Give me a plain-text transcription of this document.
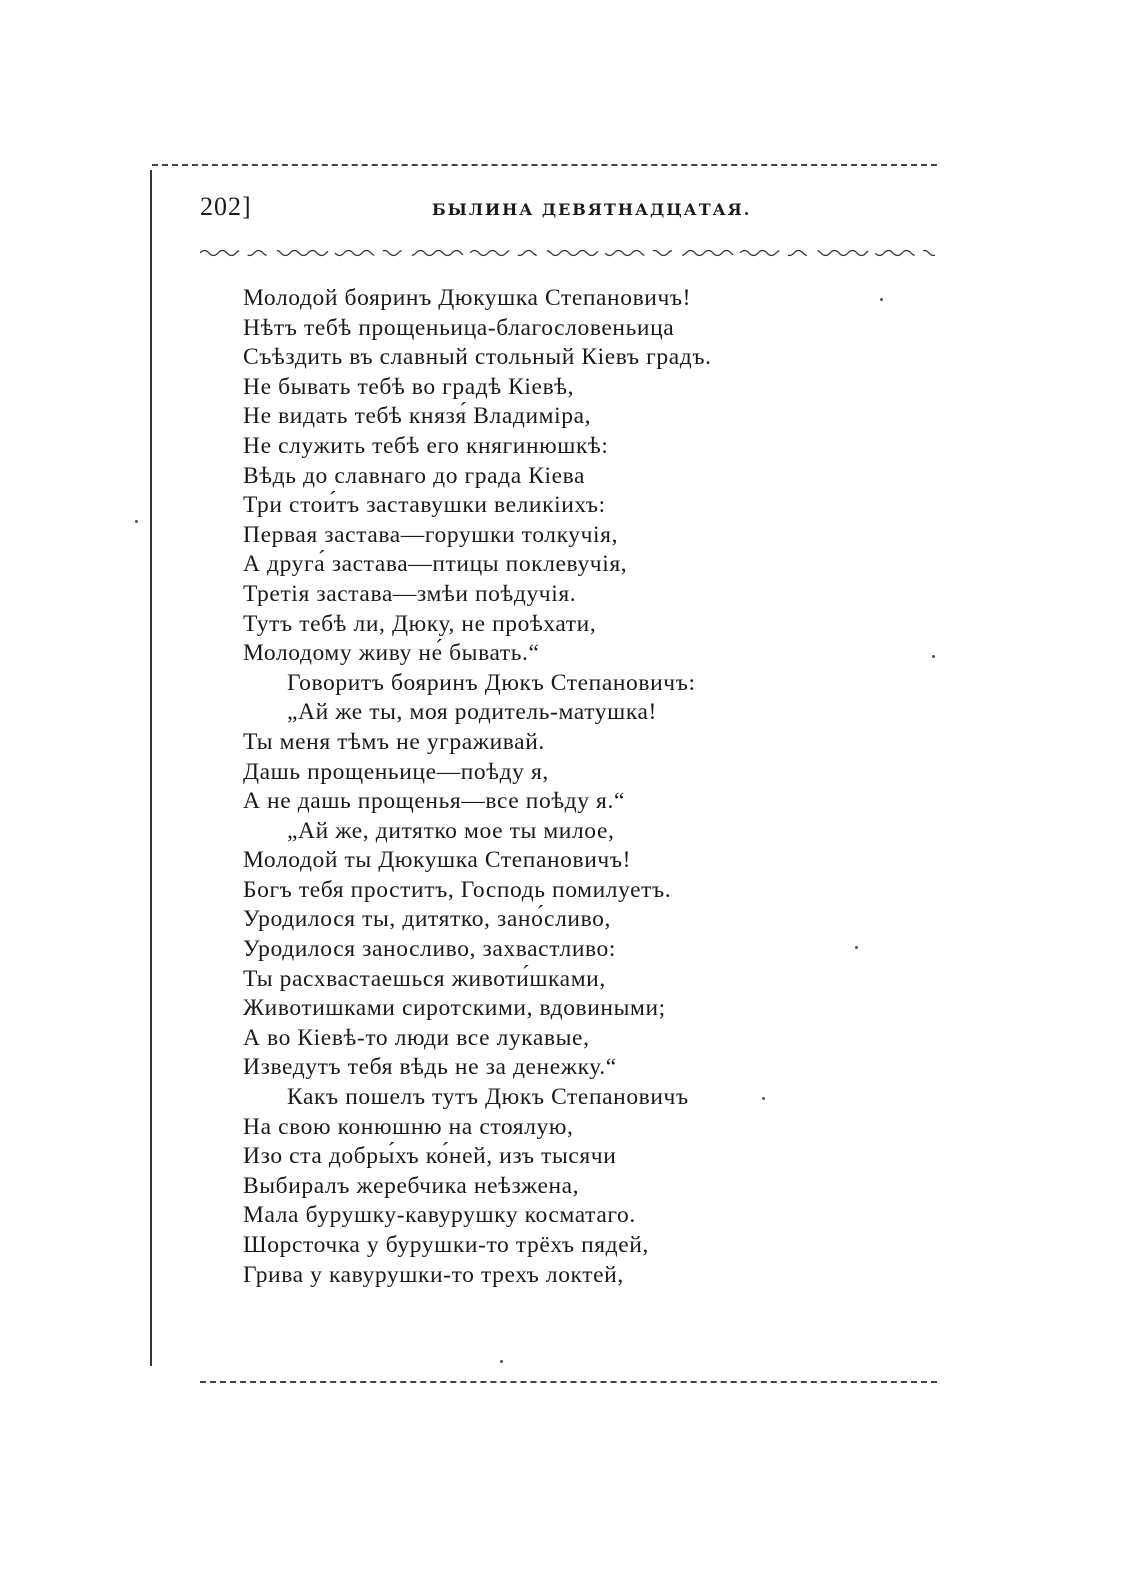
202]	БЫЛИНА ДЕВЯТНАДЦАТАЯ.
Молодой бояринъ Дюкушка Степановичъ!
Нѣтъ тебѣ прощеньица-благословеньица
Съѣздить въ славный стольный Кіевъ градъ.
Не бывать тебѣ во градѣ Кіевѣ,
Не видать тебѣ князя́ Владиміра,
Не служить тебѣ его княгинюшкѣ:
Вѣдь до славнаго до града Кіева
Три стои́тъ заставушки великіихъ:
Первая застава—горушки толкучія,
А друга́ застава—птицы поклевучія,
Третія застава—змѣи поѣдучія.
Тутъ тебѣ ли, Дюку, не проѣхати,
Молодому живу не́ бывать.“
Говоритъ бояринъ Дюкъ Степановичъ:
„Ай же ты, моя родитель-матушка!
Ты меня тѣмъ не уграживай.
Дашь прощеньице—поѣду я,
А не дашь прощенья—все поѣду я.“
„Ай же, дитятко мое ты милое,
Молодой ты Дюкушка Степановичъ!
Богъ тебя проститъ, Господь помилуетъ.
Уродилося ты, дитятко, зано́сливо,
Уродилося заносливо, захвастливо:
Ты расхвастаешься животи́шками,
Животишками сиротскими, вдовиными;
А во Кіевѣ-то люди все лукавые,
Изведутъ тебя вѣдь не за денежку.“
Какъ пошелъ тутъ Дюкъ Степановичъ
На свою конюшню на стоялую,
Изо ста добры́хъ ко́ней, изъ тысячи
Выбиралъ жеребчика неѣзжена,
Мала бурушку-кавурушку косматаго.
Шорсточка у бурушки-то трёхъ пядей,
Грива у кавурушки-то трехъ локтей,
